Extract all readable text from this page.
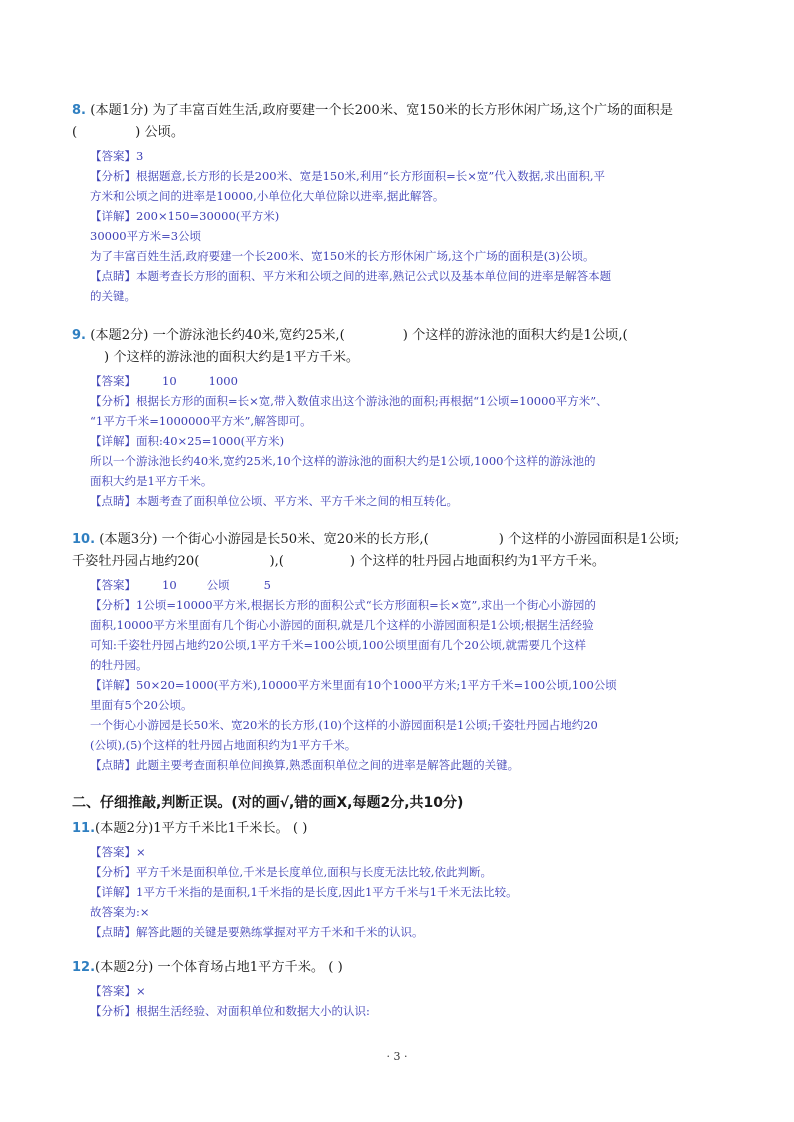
8. (本题1分) 为了丰富百姓生活,政府要建一个长200米、宽150米的长方形休闲广场,这个广场的面积是
(	) 公顷。
【答案】3
【分析】根据题意,长方形的长是200米、宽是150米,利用“长方形面积=长×宽”代入数据,求出面积,平
方米和公顷之间的进率是10000,小单位化大单位除以进率,据此解答。
【详解】200×150=30000(平方米)
30000平方米=3公顷
为了丰富百姓生活,政府要建一个长200米、宽150米的长方形休闲广场,这个广场的面积是(3)公顷。
【点睛】本题考查长方形的面积、平方米和公顷之间的进率,熟记公式以及基本单位间的进率是解答本题
的关键。
9. (本题2分) 一个游泳池长约40米,宽约25米,(	) 个这样的游泳池的面积大约是1公顷,(
) 个这样的游泳池的面积大约是1平方千米。
【答案】 10	1000
【分析】根据长方形的面积=长×宽,带入数值求出这个游泳池的面积;再根据“1公顷=10000平方米”、
“1平方千米=1000000平方米”,解答即可。
【详解】面积:40×25=1000(平方米)
所以一个游泳池长约40米,宽约25米,10个这样的游泳池的面积大约是1公顷,1000个这样的游泳池的
面积大约是1平方千米。
【点睛】本题考查了面积单位公顷、平方米、平方千米之间的相互转化。
10. (本题3分) 一个街心小游园是长50米、宽20米的长方形,(	) 个这样的小游园面积是1公顷;
千姿牡丹园占地约20(	),(	) 个这样的牡丹园占地面积约为1平方千米。
【答案】 10	公顷	5
【分析】1公顷=10000平方米,根据长方形的面积公式“长方形面积=长×宽”,求出一个街心小游园的
面积,10000平方米里面有几个街心小游园的面积,就是几个这样的小游园面积是1公顷;根据生活经验
可知:千姿牡丹园占地约20公顷,1平方千米=100公顷,100公顷里面有几个20公顷,就需要几个这样
的牡丹园。
【详解】50×20=1000(平方米),10000平方米里面有10个1000平方米;1平方千米=100公顷,100公顷
里面有5个20公顷。
一个街心小游园是长50米、宽20米的长方形,(10)个这样的小游园面积是1公顷;千姿牡丹园占地约20
(公顷),(5)个这样的牡丹园占地面积约为1平方千米。
【点睛】此题主要考查面积单位间换算,熟悉面积单位之间的进率是解答此题的关键。
二、仔细推敲,判断正误。(对的画√,错的画X,每题2分,共10分)
11.(本题2分)1平方千米比1千米长。 ( )
【答案】×
【分析】平方千米是面积单位,千米是长度单位,面积与长度无法比较,依此判断。
【详解】1平方千米指的是面积,1千米指的是长度,因此1平方千米与1千米无法比较。
故答案为:×
【点睛】解答此题的关键是要熟练掌握对平方千米和千米的认识。
12.(本题2分) 一个体育场占地1平方千米。 ( )
【答案】×
【分析】根据生活经验、对面积单位和数据大小的认识:
· 3 ·
